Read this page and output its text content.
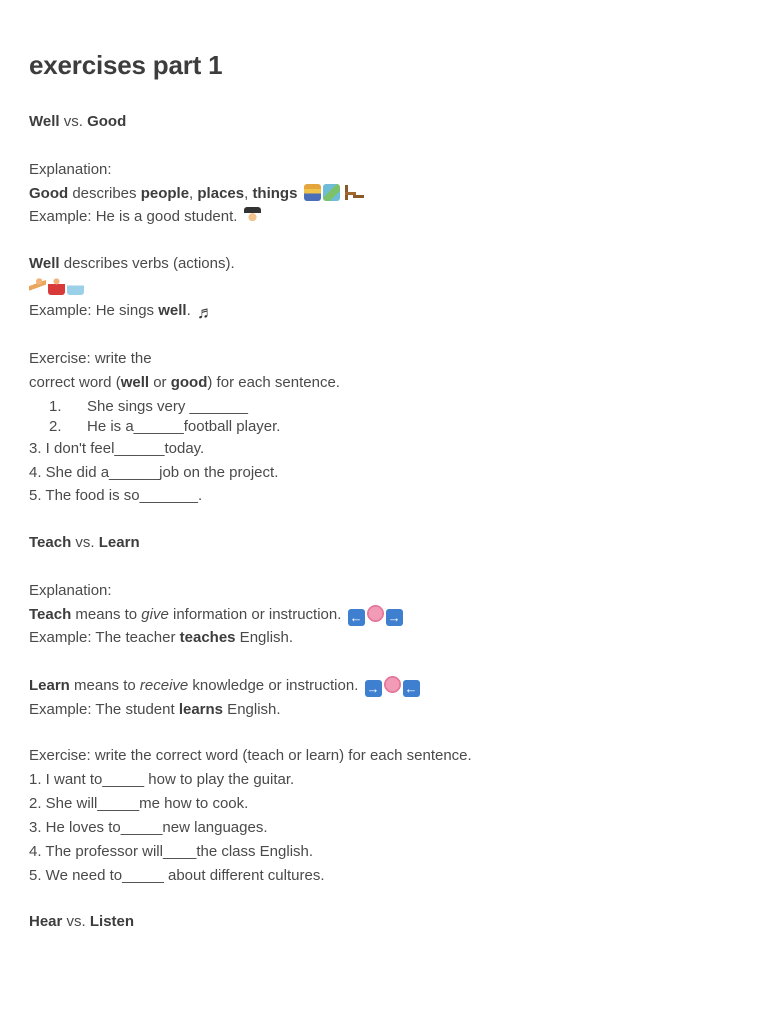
exercises part 1
Well vs. Good
Explanation:
Good describes people, places, things
Example: He is a good student.
Well describes verbs (actions).
Example: He sings well. ♬
Exercise: write the
correct word (well or good) for each sentence.
1. She sings very _______
2. He is a______football player.
3. I don't feel______today.
4. She did a______job on the project.
5. The food is so_______.
Teach vs. Learn
Explanation:
Teach means to give information or instruction. ← →
Example: The teacher teaches English.
Learn means to receive knowledge or instruction. → ←
Example: The student learns English.
Exercise: write the correct word (teach or learn) for each sentence.
1. I want to_____ how to play the guitar.
2. She will_____me how to cook.
3. He loves to_____new languages.
4. The professor will____the class English.
5. We need to_____ about different cultures.
Hear vs. Listen
